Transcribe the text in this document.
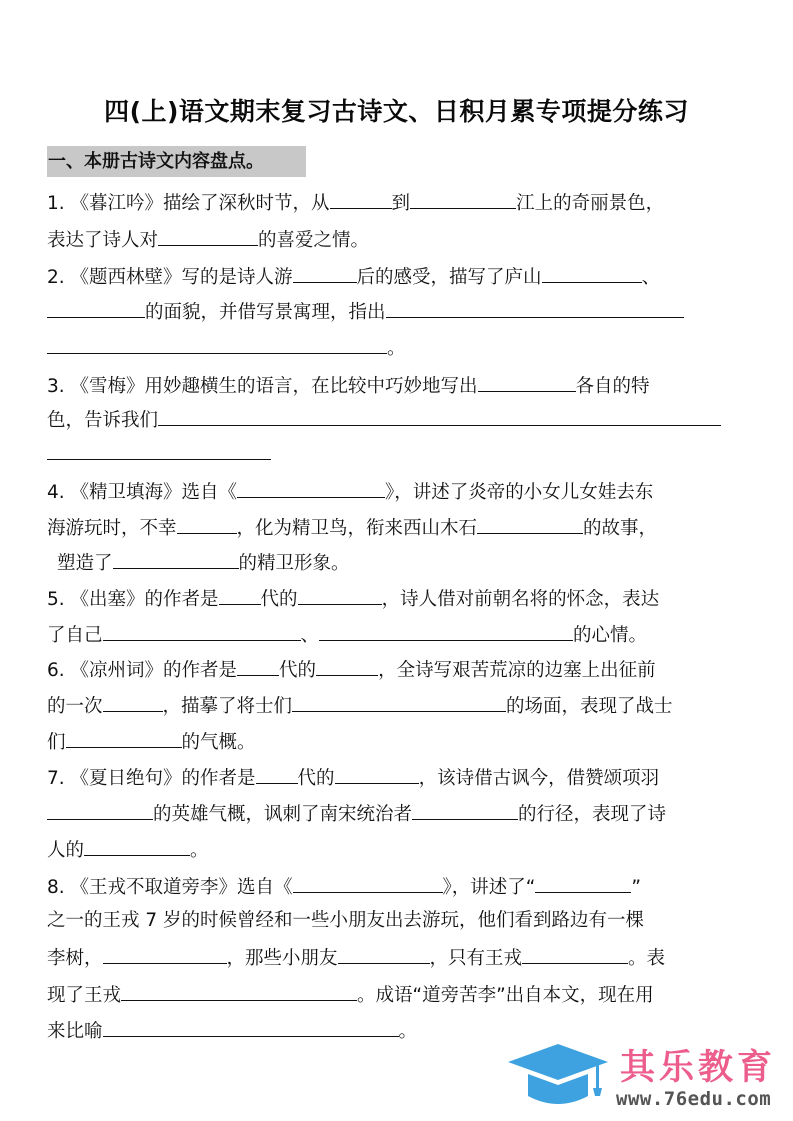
四(上)语文期末复习古诗文、日积月累专项提分练习
一、本册古诗文内容盘点。
1. 《暮江吟》描绘了深秋时节，从	到	江上的奇丽景色，
表达了诗人对	的喜爱之情。
2. 《题西林壁》写的是诗人游	后的感受，描写了庐山	、
的面貌，并借写景寓理，指出
。
3. 《雪梅》用妙趣横生的语言，在比较中巧妙地写出	各自的特
色，告诉我们
4. 《精卫填海》选自《	》，讲述了炎帝的小女儿女娃去东
海游玩时，不幸	，化为精卫鸟，衔来西山木石	的故事，
塑造了	的精卫形象。
5. 《出塞》的作者是 代的	，诗人借对前朝名将的怀念，表达
了自己	、	的心情。
6. 《凉州词》的作者是 代的	，全诗写艰苦荒凉的边塞上出征前
的一次	，描摹了将士们	的场面，表现了战士
们	的气概。
7. 《夏日绝句》的作者是 代的	，该诗借古讽今，借赞颂项羽
的英雄气概，讽刺了南宋统治者	的行径，表现了诗
人的	。
8. 《王戎不取道旁李》选自《	》，讲述了“	”
之一的王戎 7 岁的时候曾经和一些小朋友出去游玩，他们看到路边有一棵
李树，	，那些小朋友	，只有王戎	。表
现了王戎	。成语“道旁苦李”出自本文，现在用
来比喻	。
其乐教育
www.76edu.com
